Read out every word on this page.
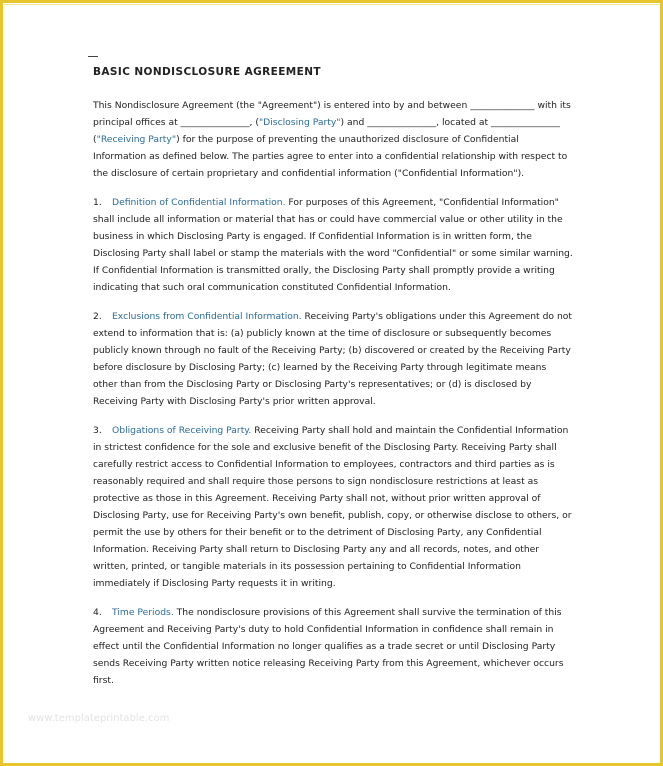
BASIC NONDISCLOSURE AGREEMENT

This Nondisclosure Agreement (the "Agreement") is entered into by and between ______________ with its principal offices at _______________, ("Disclosing Party") and _______________, located at _______________ ("Receiving Party") for the purpose of preventing the unauthorized disclosure of Confidential Information as defined below. The parties agree to enter into a confidential relationship with respect to the disclosure of certain proprietary and confidential information ("Confidential Information").

1. Definition of Confidential Information. For purposes of this Agreement, "Confidential Information" shall include all information or material that has or could have commercial value or other utility in the business in which Disclosing Party is engaged. If Confidential Information is in written form, the Disclosing Party shall label or stamp the materials with the word "Confidential" or some similar warning. If Confidential Information is transmitted orally, the Disclosing Party shall promptly provide a writing indicating that such oral communication constituted Confidential Information.

2. Exclusions from Confidential Information. Receiving Party's obligations under this Agreement do not extend to information that is: (a) publicly known at the time of disclosure or subsequently becomes publicly known through no fault of the Receiving Party; (b) discovered or created by the Receiving Party before disclosure by Disclosing Party; (c) learned by the Receiving Party through legitimate means other than from the Disclosing Party or Disclosing Party's representatives; or (d) is disclosed by Receiving Party with Disclosing Party's prior written approval.

3. Obligations of Receiving Party. Receiving Party shall hold and maintain the Confidential Information in strictest confidence for the sole and exclusive benefit of the Disclosing Party. Receiving Party shall carefully restrict access to Confidential Information to employees, contractors and third parties as is reasonably required and shall require those persons to sign nondisclosure restrictions at least as protective as those in this Agreement. Receiving Party shall not, without prior written approval of Disclosing Party, use for Receiving Party's own benefit, publish, copy, or otherwise disclose to others, or permit the use by others for their benefit or to the detriment of Disclosing Party, any Confidential Information. Receiving Party shall return to Disclosing Party any and all records, notes, and other written, printed, or tangible materials in its possession pertaining to Confidential Information immediately if Disclosing Party requests it in writing.

4. Time Periods. The nondisclosure provisions of this Agreement shall survive the termination of this Agreement and Receiving Party's duty to hold Confidential Information in confidence shall remain in effect until the Confidential Information no longer qualifies as a trade secret or until Disclosing Party sends Receiving Party written notice releasing Receiving Party from this Agreement, whichever occurs first.

www.templateprintable.com
